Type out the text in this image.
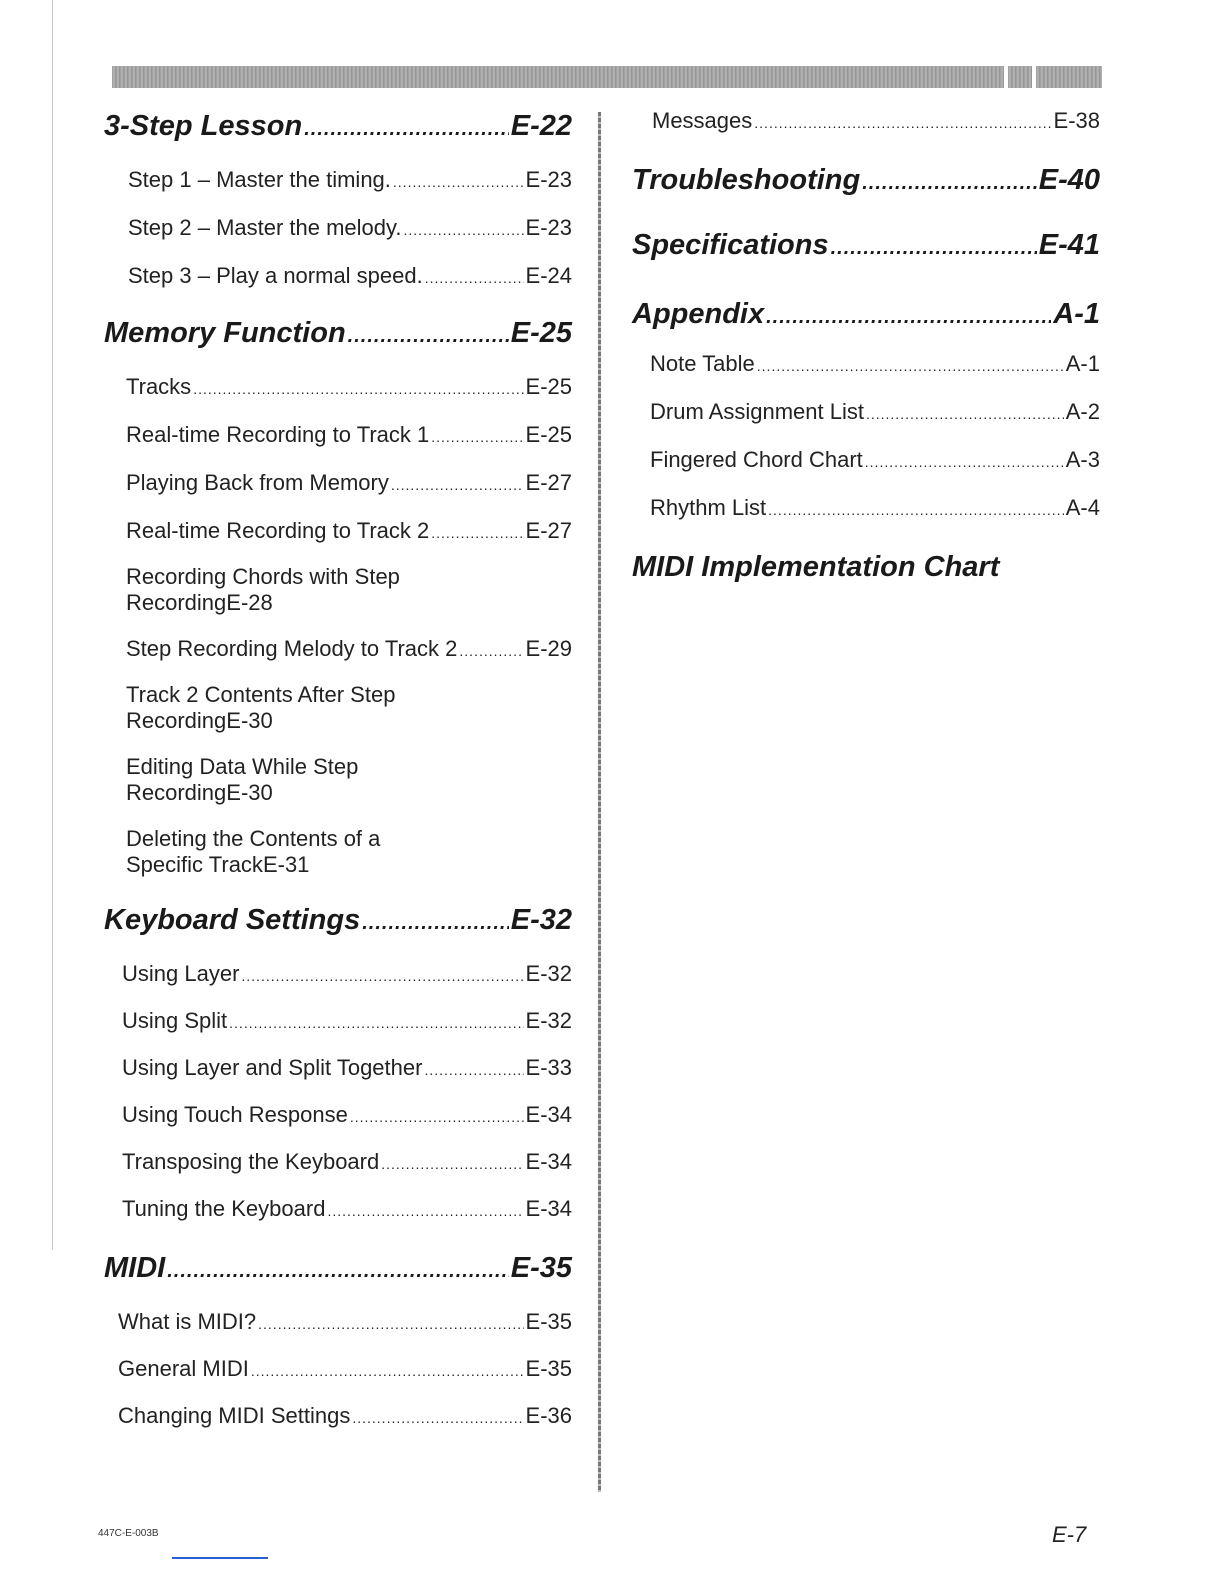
3-Step Lesson .....	E-22
Step 1 – Master the timing. .....	E-23
Step 2 – Master the melody. .....	E-23
Step 3 – Play a normal speed. .....	E-24
Memory Function .....	E-25
Tracks .....	E-25
Real-time Recording to Track 1 .....	E-25
Playing Back from Memory .....	E-27
Real-time Recording to Track 2 .....	E-27
Recording Chords with Step
Recording E-28
Step Recording Melody to Track 2 .....	E-29
Track 2 Contents After Step
Recording E-30
Editing Data While Step
Recording E-30
Deleting the Contents of a
Specific Track E-31
Keyboard Settings .....	E-32
Using Layer .....	E-32
Using Split .....	E-32
Using Layer and Split Together .....	E-33
Using Touch Response .....	E-34
Transposing the Keyboard .....	E-34
Tuning the Keyboard .....	E-34
MIDI .....	E-35
What is MIDI? .....	E-35
General MIDI .....	E-35
Changing MIDI Settings .....	E-36
Messages .....	E-38
Troubleshooting .....	E-40
Specifications .....	E-41
Appendix .....	A-1
Note Table .....	A-1
Drum Assignment List .....	A-2
Fingered Chord Chart .....	A-3
Rhythm List .....	A-4
MIDI Implementation Chart
447C-E-003B	E-7
